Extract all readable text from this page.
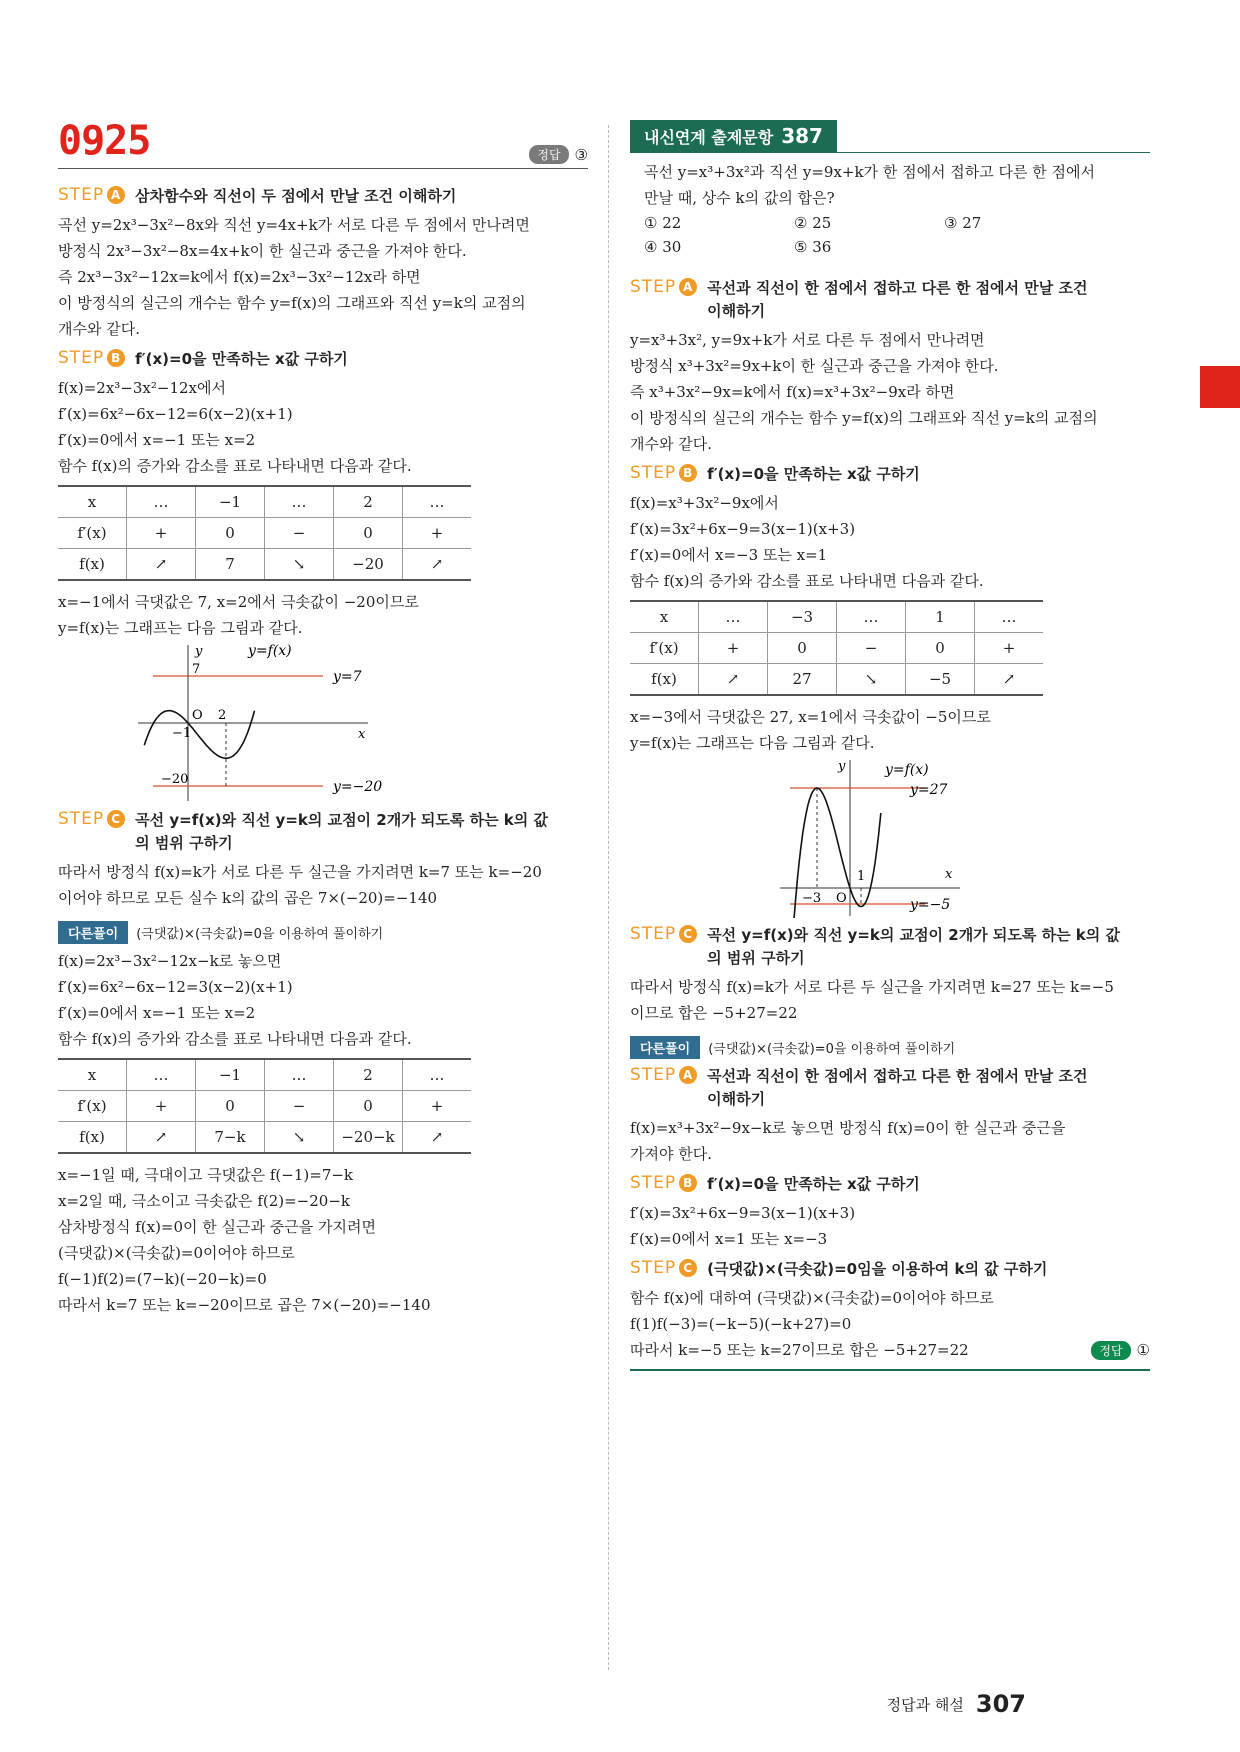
0925	정답 ③
STEP A 삼차함수와 직선이 두 점에서 만날 조건 이해하기
곡선 y=2x³−3x²−8x와 직선 y=4x+k가 서로 다른 두 점에서 만나려면
방정식 2x³−3x²−8x=4x+k이 한 실근과 중근을 가져야 한다.
즉 2x³−3x²−12x=k에서 f(x)=2x³−3x²−12x라 하면
이 방정식의 실근의 개수는 함수 y=f(x)의 그래프와 직선 y=k의 교점의
개수와 같다.
STEP B f′(x)=0을 만족하는 x값 구하기
f(x)=2x³−3x²−12x에서
f′(x)=6x²−6x−12=6(x−2)(x+1)
f′(x)=0에서 x=−1 또는 x=2
함수 f(x)의 증가와 감소를 표로 나타내면 다음과 같다.
x	…	−1	…	2	…
f′(x)	+	0	−	0	+
f(x)	↗	7	↘	−20	↗
x=−1에서 극댓값은 7, x=2에서 극솟값이 −20이므로
y=f(x)는 그래프는 다음 그림과 같다.
y
x
y=f(x)
y=7
y=−20
7
−20
O 2
−1
STEP C 곡선 y=f(x)와 직선 y=k의 교점이 2개가 되도록 하는 k의 값
의 범위 구하기
따라서 방정식 f(x)=k가 서로 다른 두 실근을 가지려면 k=7 또는 k=−20
이어야 하므로 모든 실수 k의 값의 곱은 7×(−20)=−140
다른풀이	(극댓값)×(극솟값)=0을 이용하여 풀이하기
f(x)=2x³−3x²−12x−k로 놓으면
f′(x)=6x²−6x−12=3(x−2)(x+1)
f′(x)=0에서 x=−1 또는 x=2
함수 f(x)의 증가와 감소를 표로 나타내면 다음과 같다.
x	…	−1	…	2	…
f′(x)	+	0	−	0	+
f(x)	↗	7−k	↘	−20−k	↗
x=−1일 때, 극대이고 극댓값은 f(−1)=7−k
x=2일 때, 극소이고 극솟값은 f(2)=−20−k
삼차방정식 f(x)=0이 한 실근과 중근을 가지려면
(극댓값)×(극솟값)=0이어야 하므로
f(−1)f(2)=(7−k)(−20−k)=0
따라서 k=7 또는 k=−20이므로 곱은 7×(−20)=−140
내신연계 출제문항 387
곡선 y=x³+3x²과 직선 y=9x+k가 한 점에서 접하고 다른 한 점에서
만날 때, 상수 k의 값의 합은?
① 22	② 25	③ 27
④ 30	⑤ 36
STEP A 곡선과 직선이 한 점에서 접하고 다른 한 점에서 만날 조건
이해하기
y=x³+3x², y=9x+k가 서로 다른 두 점에서 만나려면
방정식 x³+3x²=9x+k이 한 실근과 중근을 가져야 한다.
즉 x³+3x²−9x=k에서 f(x)=x³+3x²−9x라 하면
이 방정식의 실근의 개수는 함수 y=f(x)의 그래프와 직선 y=k의 교점의
개수와 같다.
STEP B f′(x)=0을 만족하는 x값 구하기
f(x)=x³+3x²−9x에서
f′(x)=3x²+6x−9=3(x−1)(x+3)
f′(x)=0에서 x=−3 또는 x=1
함수 f(x)의 증가와 감소를 표로 나타내면 다음과 같다.
x	…	−3	…	1	…
f′(x)	+	0	−	0	+
f(x)	↗	27	↘	−5	↗
x=−3에서 극댓값은 27, x=1에서 극솟값이 −5이므로
y=f(x)는 그래프는 다음 그림과 같다.
y
x
y=f(x)
y=27
y=−5
O
−3
1
STEP C 곡선 y=f(x)와 직선 y=k의 교점이 2개가 되도록 하는 k의 값
의 범위 구하기
따라서 방정식 f(x)=k가 서로 다른 두 실근을 가지려면 k=27 또는 k=−5
이므로 합은 −5+27=22
다른풀이	(극댓값)×(극솟값)=0을 이용하여 풀이하기
STEP A 곡선과 직선이 한 점에서 접하고 다른 한 점에서 만날 조건
이해하기
f(x)=x³+3x²−9x−k로 놓으면 방정식 f(x)=0이 한 실근과 중근을
가져야 한다.
STEP B f′(x)=0을 만족하는 x값 구하기
f′(x)=3x²+6x−9=3(x−1)(x+3)
f′(x)=0에서 x=1 또는 x=−3
STEP C (극댓값)×(극솟값)=0임을 이용하여 k의 값 구하기
함수 f(x)에 대하여 (극댓값)×(극솟값)=0이어야 하므로
f(1)f(−3)=(−k−5)(−k+27)=0
따라서 k=−5 또는 k=27이므로 합은 −5+27=22	정답 ①
정답과 해설 307
